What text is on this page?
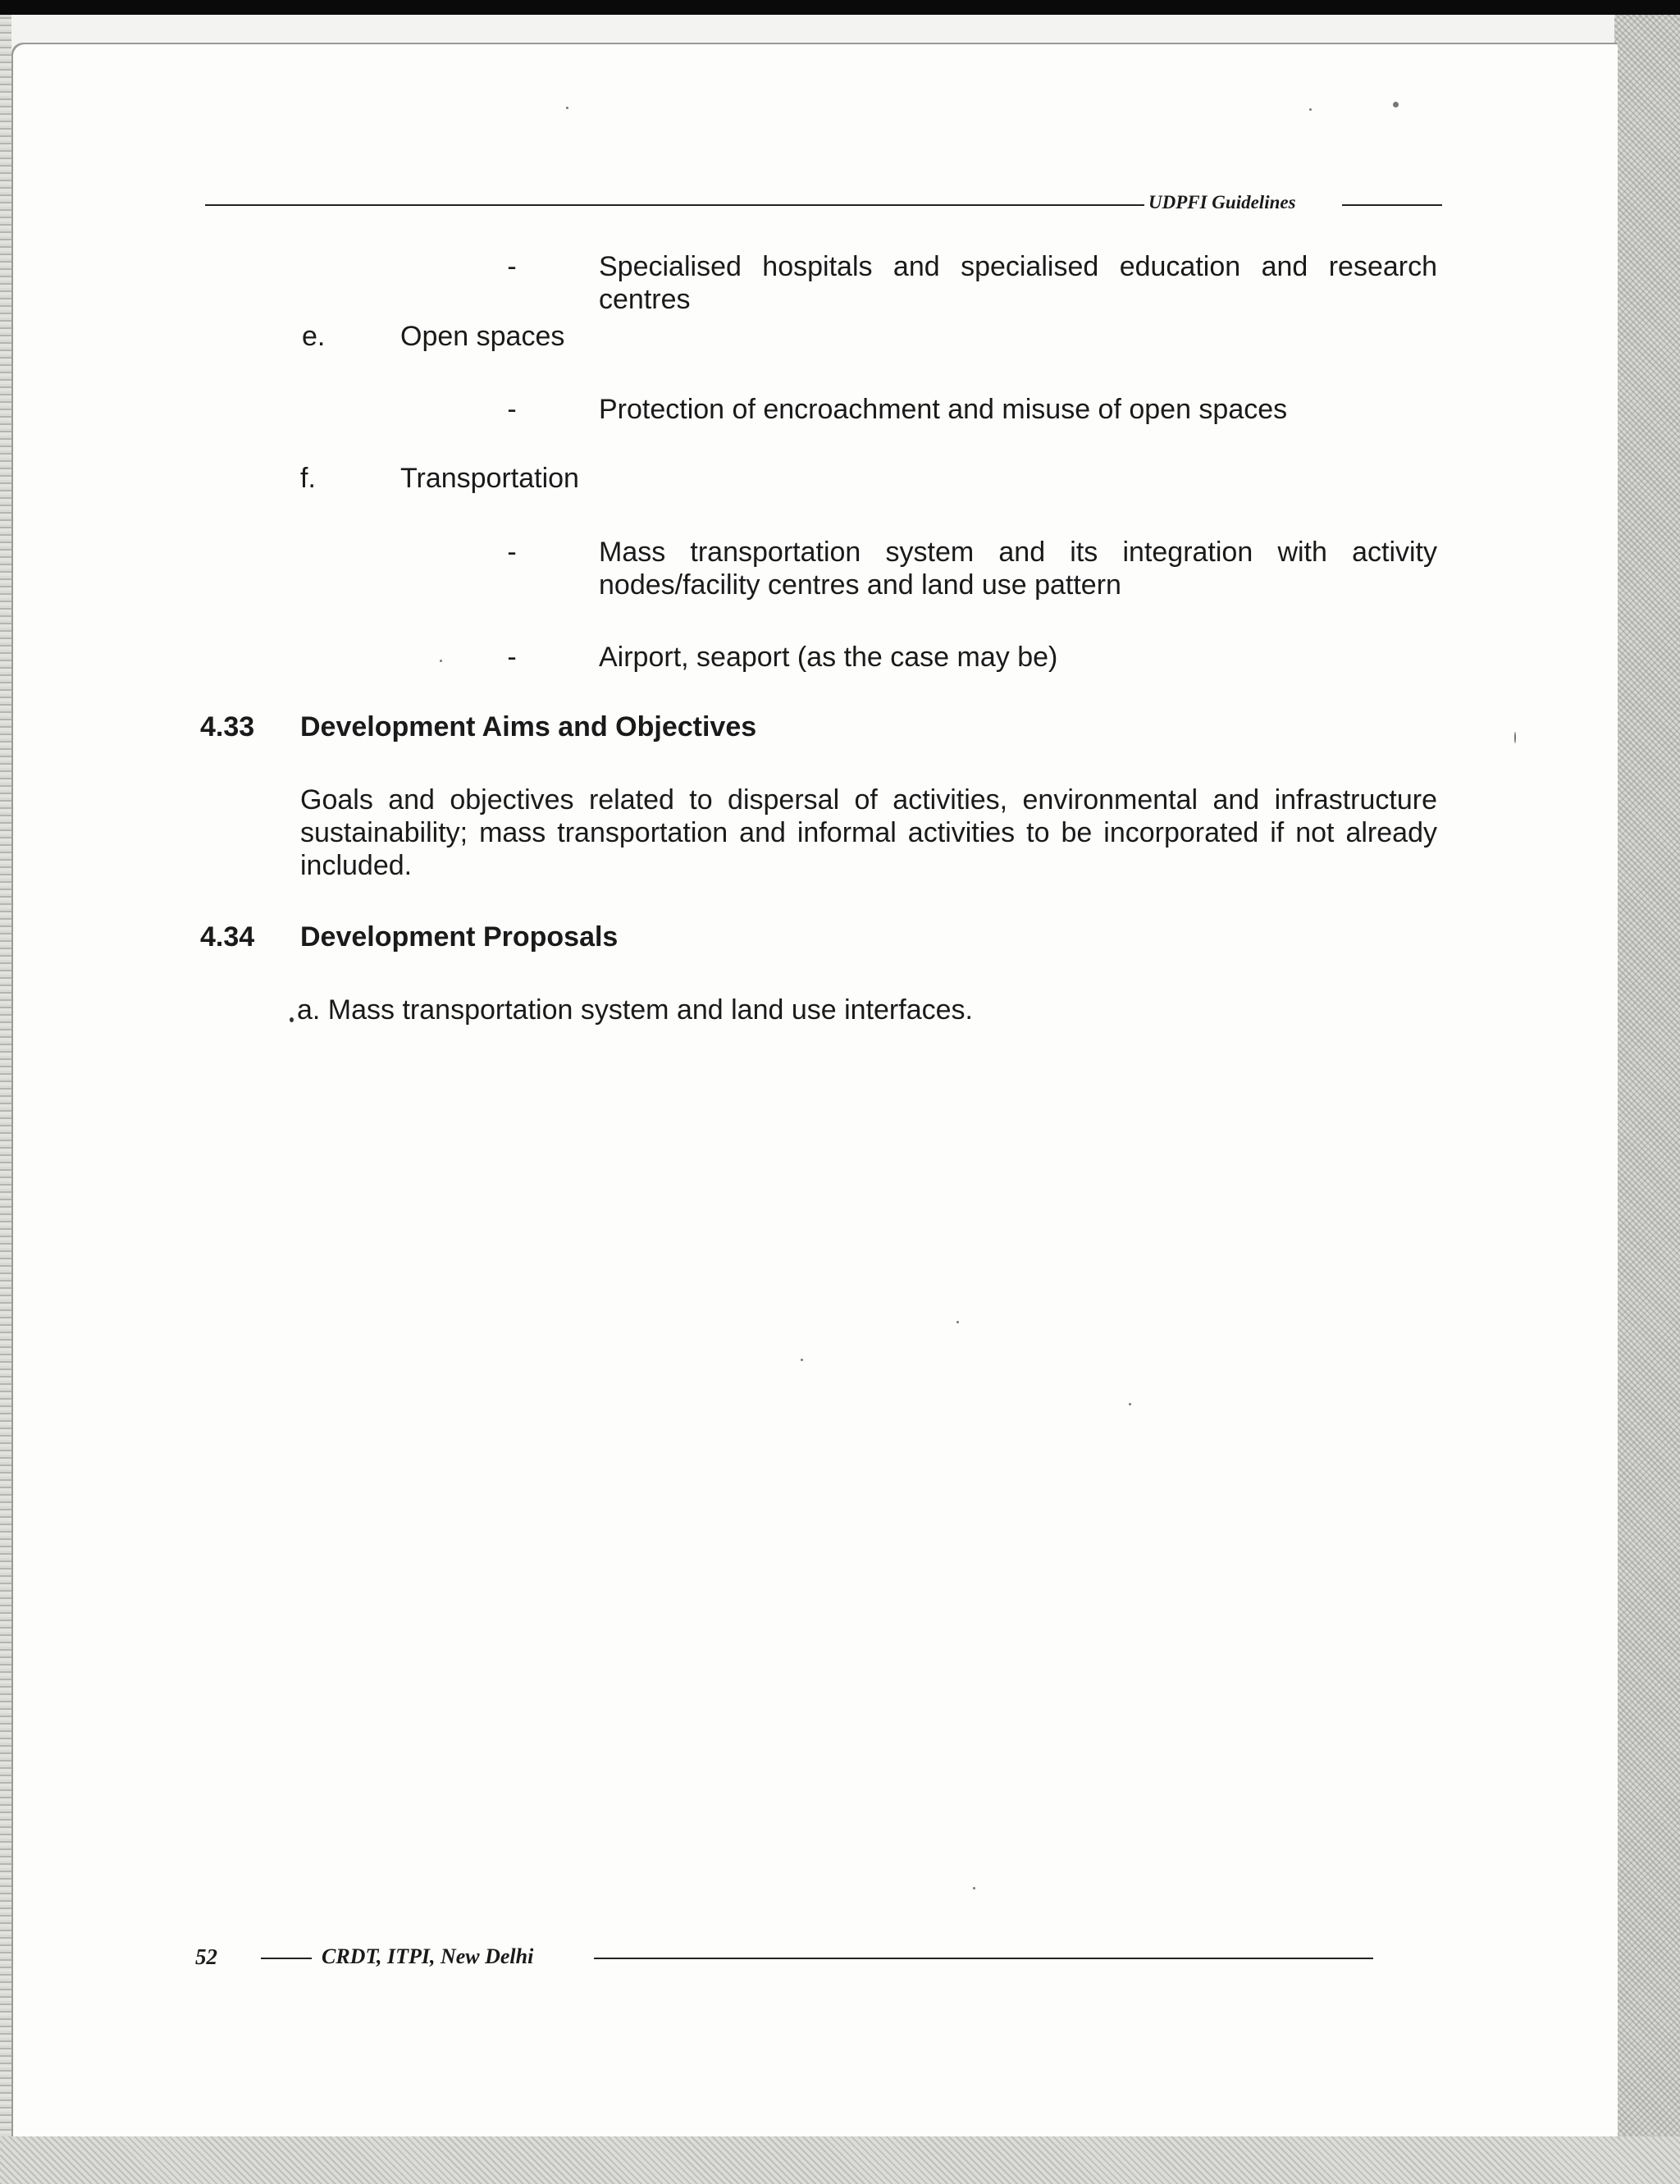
UDPFI Guidelines
-	Specialised hospitals and specialised education and research centres
e.	Open spaces
-	Protection of encroachment and misuse of open spaces
f.	Transportation
-	Mass transportation system and its integration with activity nodes/facility centres and land use pattern
-	Airport, seaport (as the case may be)
4.33	Development Aims and Objectives
Goals and objectives related to dispersal of activities, environmental and infrastructure sustainability; mass transportation and informal activities to be incorporated if not already included.
4.34	Development Proposals
a. Mass transportation system and land use interfaces.
52	CRDT, ITPI, New Delhi
